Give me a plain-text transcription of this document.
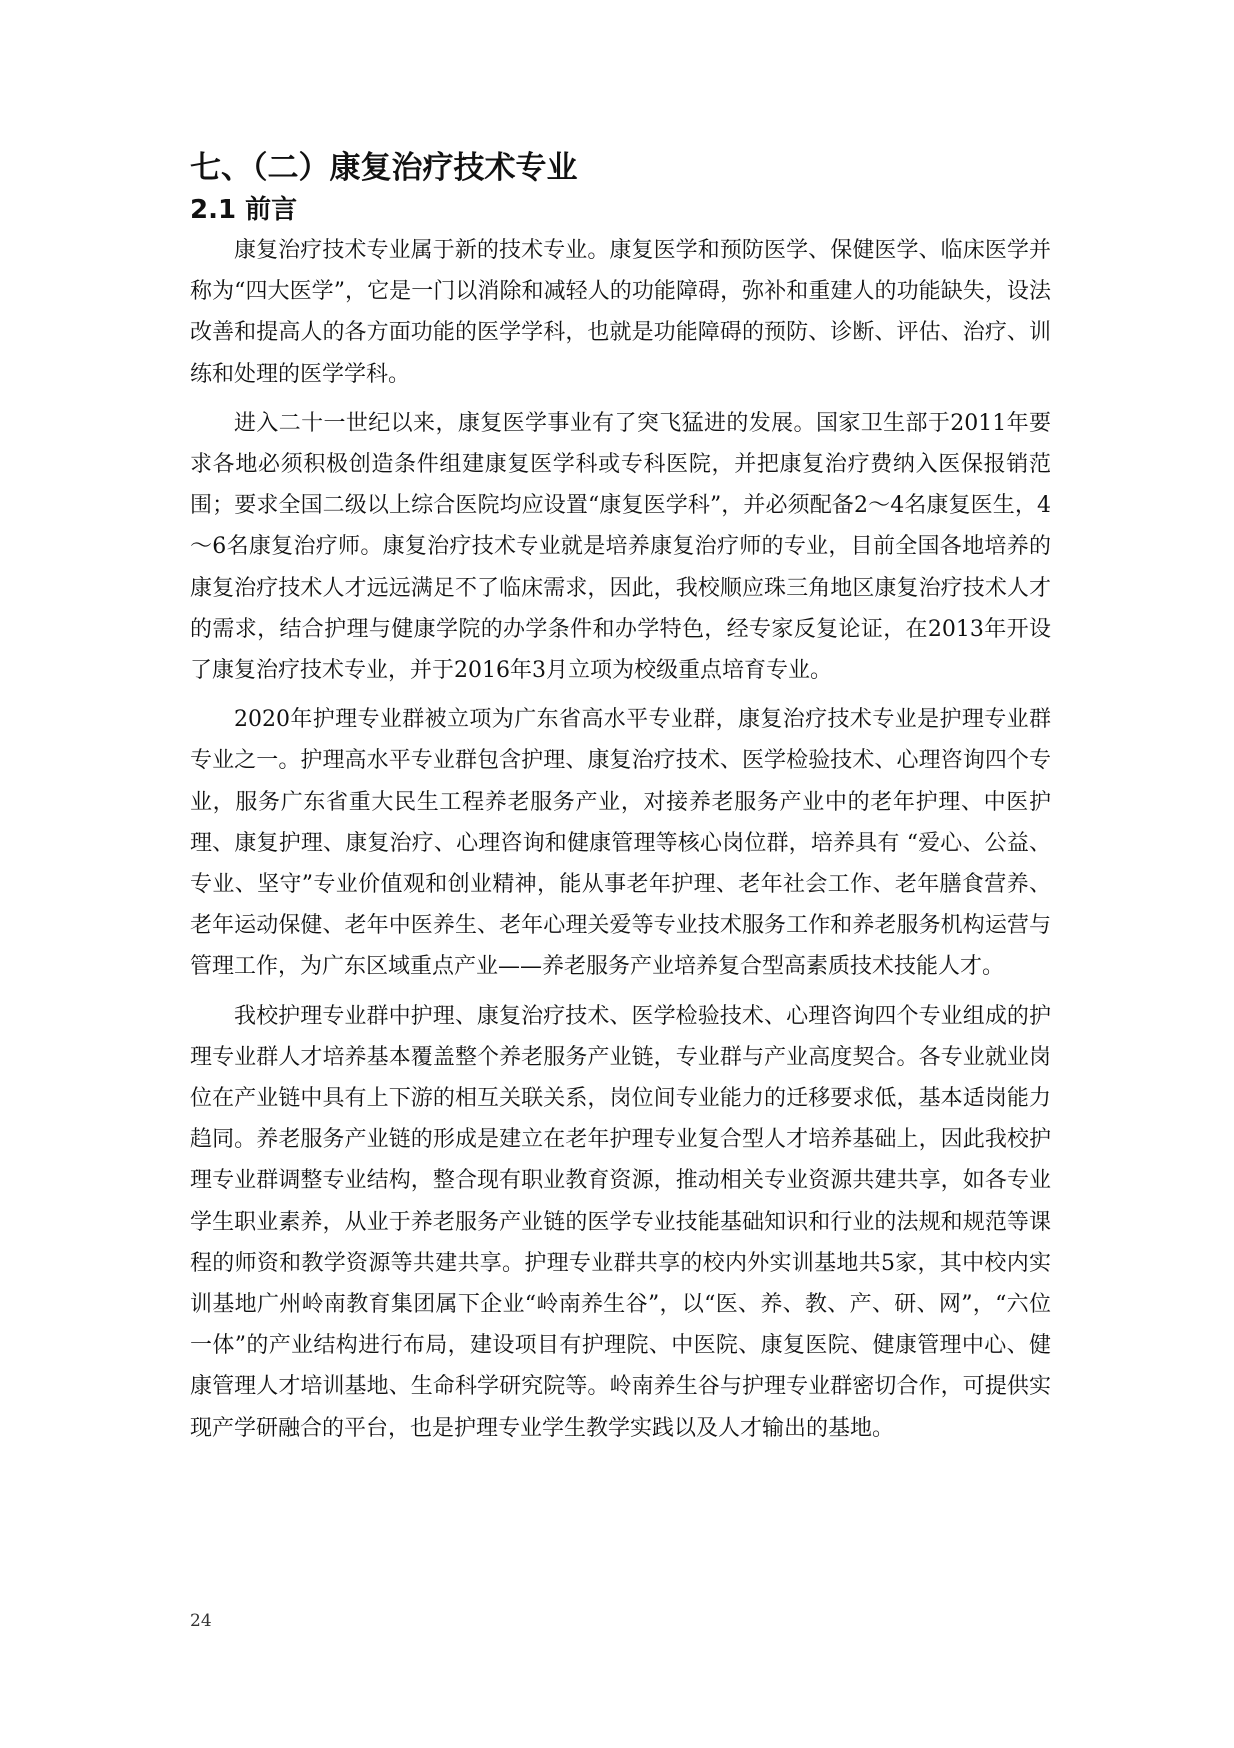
七、（二）康复治疗技术专业
2.1 前言

康复治疗技术专业属于新的技术专业。康复医学和预防医学、保健医学、临床医学并称为“四大医学”，它是一门以消除和减轻人的功能障碍，弥补和重建人的功能缺失，设法改善和提高人的各方面功能的医学学科，也就是功能障碍的预防、诊断、评估、治疗、训练和处理的医学学科。

进入二十一世纪以来，康复医学事业有了突飞猛进的发展。国家卫生部于2011年要求各地必须积极创造条件组建康复医学科或专科医院，并把康复治疗费纳入医保报销范围；要求全国二级以上综合医院均应设置“康复医学科”，并必须配备2～4名康复医生，4～6名康复治疗师。康复治疗技术专业就是培养康复治疗师的专业，目前全国各地培养的康复治疗技术人才远远满足不了临床需求，因此，我校顺应珠三角地区康复治疗技术人才的需求，结合护理与健康学院的办学条件和办学特色，经专家反复论证，在2013年开设了康复治疗技术专业，并于2016年3月立项为校级重点培育专业。

2020年护理专业群被立项为广东省高水平专业群，康复治疗技术专业是护理专业群专业之一。护理高水平专业群包含护理、康复治疗技术、医学检验技术、心理咨询四个专业，服务广东省重大民生工程养老服务产业，对接养老服务产业中的老年护理、中医护理、康复护理、康复治疗、心理咨询和健康管理等核心岗位群，培养具有 “爱心、公益、专业、坚守”专业价值观和创业精神，能从事老年护理、老年社会工作、老年膳食营养、老年运动保健、老年中医养生、老年心理关爱等专业技术服务工作和养老服务机构运营与管理工作，为广东区域重点产业——养老服务产业培养复合型高素质技术技能人才。

我校护理专业群中护理、康复治疗技术、医学检验技术、心理咨询四个专业组成的护理专业群人才培养基本覆盖整个养老服务产业链，专业群与产业高度契合。各专业就业岗位在产业链中具有上下游的相互关联关系，岗位间专业能力的迁移要求低，基本适岗能力趋同。养老服务产业链的形成是建立在老年护理专业复合型人才培养基础上，因此我校护理专业群调整专业结构，整合现有职业教育资源，推动相关专业资源共建共享，如各专业学生职业素养，从业于养老服务产业链的医学专业技能基础知识和行业的法规和规范等课程的师资和教学资源等共建共享。护理专业群共享的校内外实训基地共5家，其中校内实训基地广州岭南教育集团属下企业“岭南养生谷”，以“医、养、教、产、研、网”，“六位一体”的产业结构进行布局，建设项目有护理院、中医院、康复医院、健康管理中心、健康管理人才培训基地、生命科学研究院等。岭南养生谷与护理专业群密切合作，可提供实现产学研融合的平台，也是护理专业学生教学实践以及人才输出的基地。

24
